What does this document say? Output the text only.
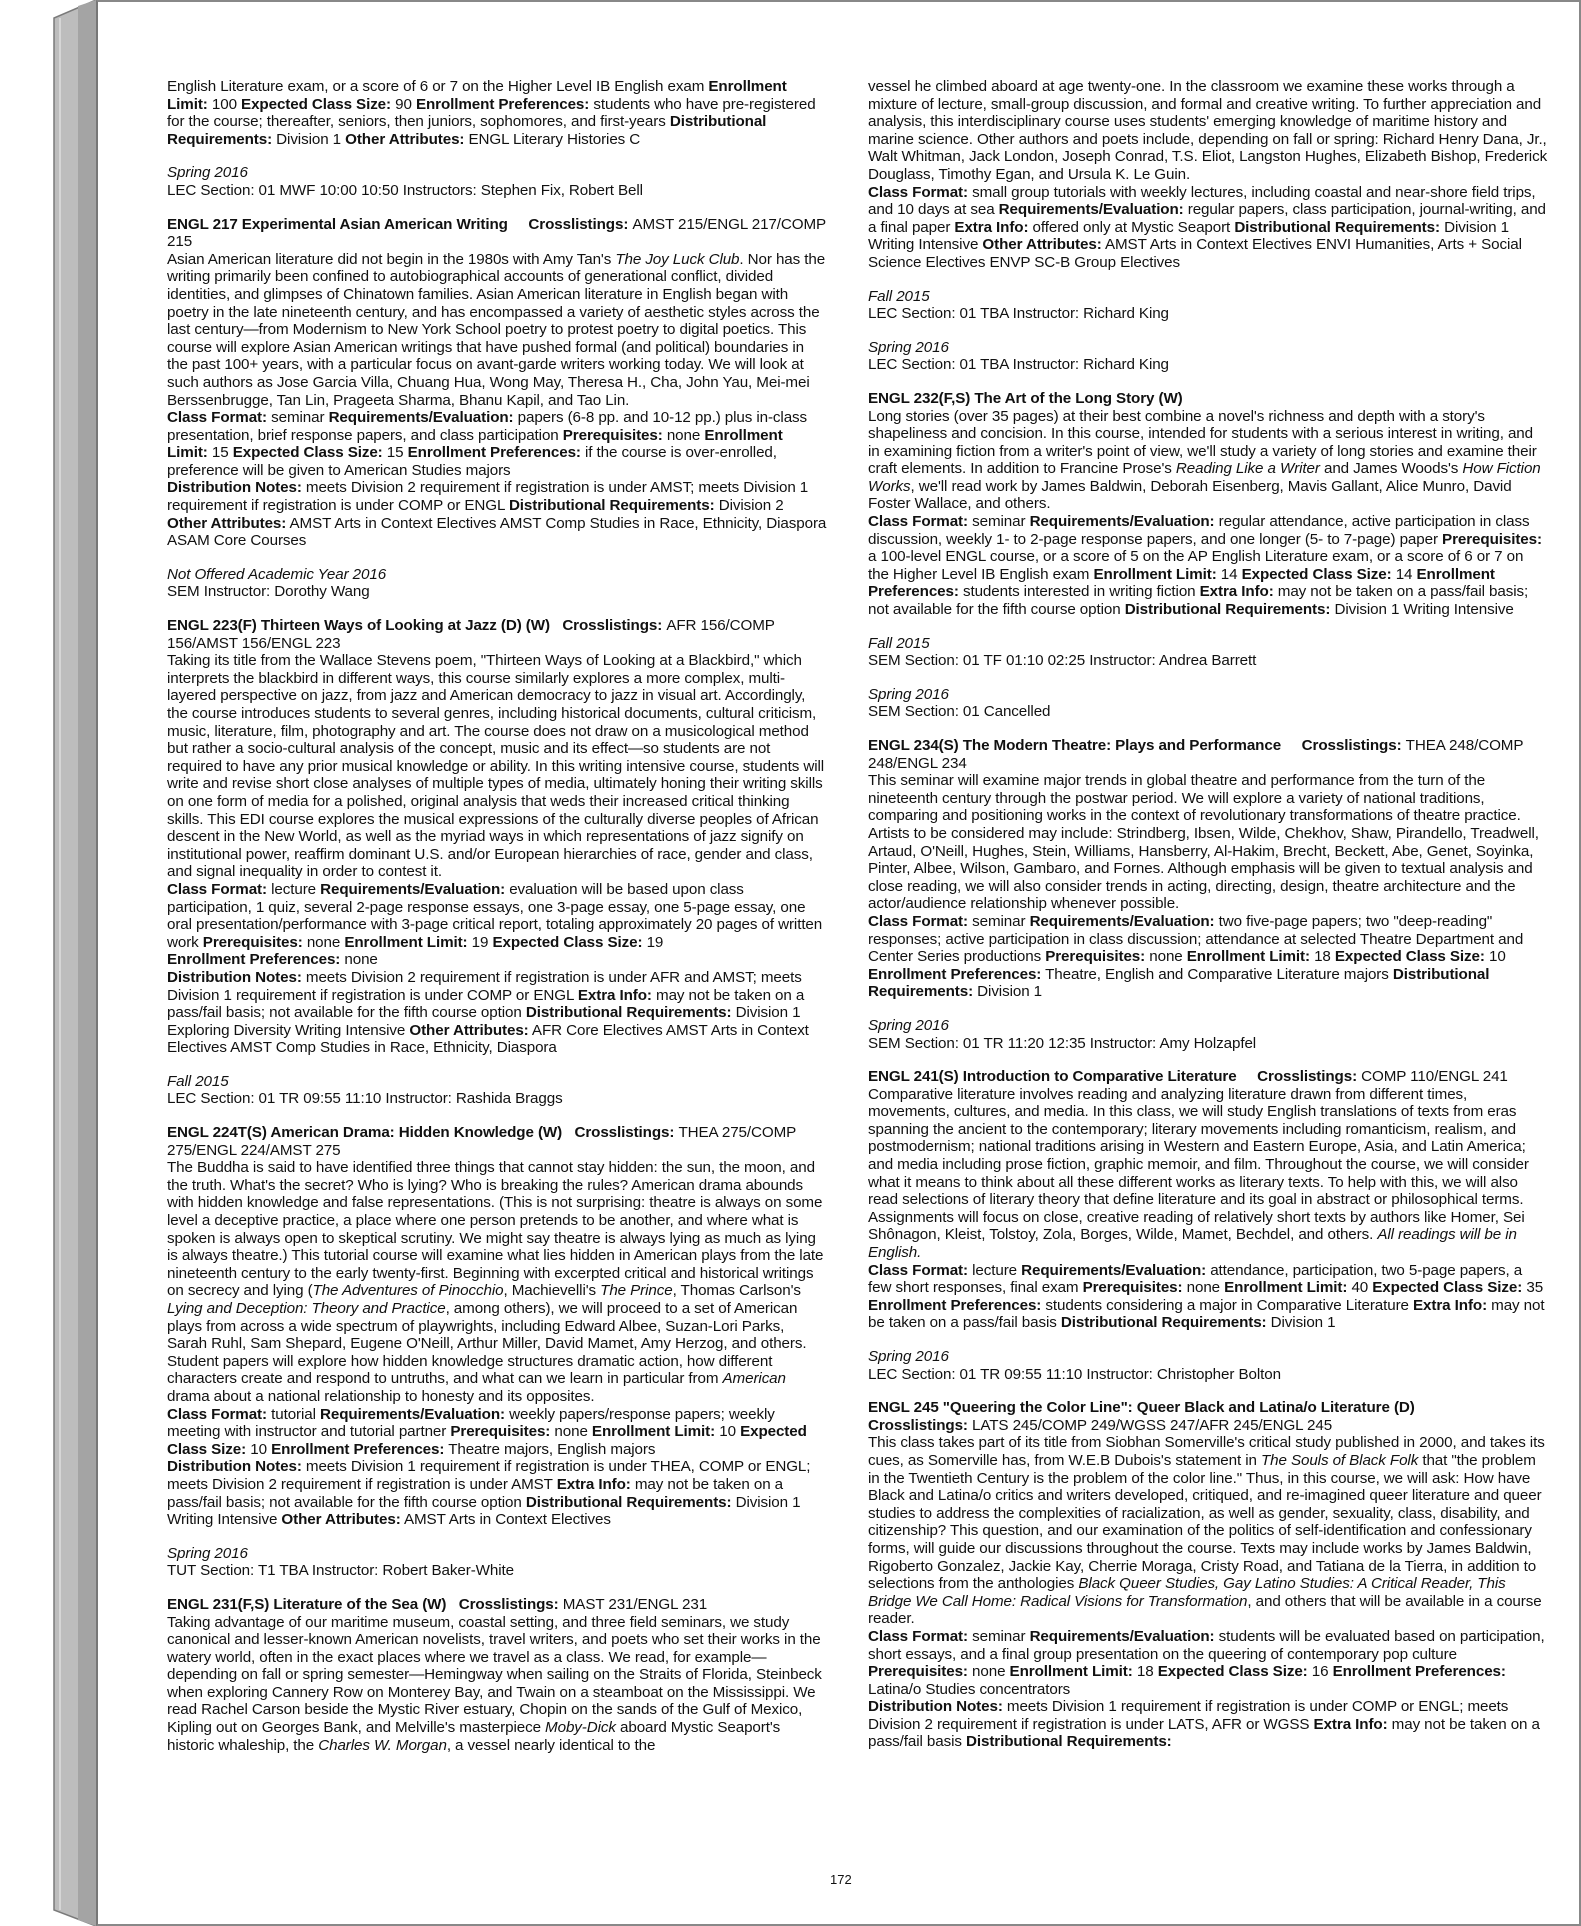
English Literature exam, or a score of 6 or 7 on the Higher Level IB English exam Enrollment Limit: 100 Expected Class Size: 90 Enrollment Preferences: students who have pre-registered for the course; thereafter, seniors, then juniors, sophomores, and first-years Distributional Requirements: Division 1 Other Attributes: ENGL Literary Histories C

Spring 2016

LEC Section: 01 MWF 10:00 10:50 Instructors: Stephen Fix, Robert Bell

ENGL 217 Experimental Asian American Writing Crosslistings: AMST 215/ENGL 217/COMP 215

Asian American literature did not begin in the 1980s with Amy Tan's The Joy Luck Club. Nor has the writing primarily been confined to autobiographical accounts of generational conflict, divided identities, and glimpses of Chinatown families. Asian American literature in English began with poetry in the late nineteenth century, and has encompassed a variety of aesthetic styles across the last century—from Modernism to New York School poetry to protest poetry to digital poetics. This course will explore Asian American writings that have pushed formal (and political) boundaries in the past 100+ years, with a particular focus on avant-garde writers working today. We will look at such authors as Jose Garcia Villa, Chuang Hua, Wong May, Theresa H., Cha, John Yau, Mei-mei Berssenbrugge, Tan Lin, Prageeta Sharma, Bhanu Kapil, and Tao Lin.

Class Format: seminar Requirements/Evaluation: papers (6-8 pp. and 10-12 pp.) plus in-class presentation, brief response papers, and class participation Prerequisites: none Enrollment Limit: 15 Expected Class Size: 15 Enrollment Preferences: if the course is over-enrolled, preference will be given to American Studies majors

Distribution Notes: meets Division 2 requirement if registration is under AMST; meets Division 1 requirement if registration is under COMP or ENGL Distributional Requirements: Division 2 Other Attributes: AMST Arts in Context Electives AMST Comp Studies in Race, Ethnicity, Diaspora ASAM Core Courses

Not Offered Academic Year 2016

SEM Instructor: Dorothy Wang

ENGL 223(F) Thirteen Ways of Looking at Jazz (D) (W) Crosslistings: AFR 156/COMP 156/AMST 156/ENGL 223

Taking its title from the Wallace Stevens poem, "Thirteen Ways of Looking at a Blackbird," which interprets the blackbird in different ways, this course similarly explores a more complex, multi-layered perspective on jazz, from jazz and American democracy to jazz in visual art. Accordingly, the course introduces students to several genres, including historical documents, cultural criticism, music, literature, film, photography and art. The course does not draw on a musicological method but rather a socio-cultural analysis of the concept, music and its effect—so students are not required to have any prior musical knowledge or ability. In this writing intensive course, students will write and revise short close analyses of multiple types of media, ultimately honing their writing skills on one form of media for a polished, original analysis that weds their increased critical thinking skills. This EDI course explores the musical expressions of the culturally diverse peoples of African descent in the New World, as well as the myriad ways in which representations of jazz signify on institutional power, reaffirm dominant U.S. and/or European hierarchies of race, gender and class, and signal inequality in order to contest it.

Class Format: lecture Requirements/Evaluation: evaluation will be based upon class participation, 1 quiz, several 2-page response essays, one 3-page essay, one 5-page essay, one oral presentation/performance with 3-page critical report, totaling approximately 20 pages of written work Prerequisites: none Enrollment Limit: 19 Expected Class Size: 19

Enrollment Preferences: none

Distribution Notes: meets Division 2 requirement if registration is under AFR and AMST; meets Division 1 requirement if registration is under COMP or ENGL Extra Info: may not be taken on a pass/fail basis; not available for the fifth course option Distributional Requirements: Division 1 Exploring Diversity Writing Intensive Other Attributes: AFR Core Electives AMST Arts in Context Electives AMST Comp Studies in Race, Ethnicity, Diaspora

Fall 2015

LEC Section: 01 TR 09:55 11:10 Instructor: Rashida Braggs

ENGL 224T(S) American Drama: Hidden Knowledge (W) Crosslistings: THEA 275/COMP 275/ENGL 224/AMST 275

The Buddha is said to have identified three things that cannot stay hidden: the sun, the moon, and the truth. What's the secret? Who is lying? Who is breaking the rules? American drama abounds with hidden knowledge and false representations. (This is not surprising: theatre is always on some level a deceptive practice, a place where one person pretends to be another, and where what is spoken is always open to skeptical scrutiny. We might say theatre is always lying as much as lying is always theatre.) This tutorial course will examine what lies hidden in American plays from the late nineteenth century to the early twenty-first. Beginning with excerpted critical and historical writings on secrecy and lying (The Adventures of Pinocchio, Machievelli's The Prince, Thomas Carlson's Lying and Deception: Theory and Practice, among others), we will proceed to a set of American plays from across a wide spectrum of playwrights, including Edward Albee, Suzan-Lori Parks, Sarah Ruhl, Sam Shepard, Eugene O'Neill, Arthur Miller, David Mamet, Amy Herzog, and others. Student papers will explore how hidden knowledge structures dramatic action, how different characters create and respond to untruths, and what can we learn in particular from American drama about a national relationship to honesty and its opposites.

Class Format: tutorial Requirements/Evaluation: weekly papers/response papers; weekly meeting with instructor and tutorial partner Prerequisites: none Enrollment Limit: 10 Expected Class Size: 10 Enrollment Preferences: Theatre majors, English majors

Distribution Notes: meets Division 1 requirement if registration is under THEA, COMP or ENGL; meets Division 2 requirement if registration is under AMST Extra Info: may not be taken on a pass/fail basis; not available for the fifth course option Distributional Requirements: Division 1 Writing Intensive Other Attributes: AMST Arts in Context Electives

Spring 2016

TUT Section: T1 TBA Instructor: Robert Baker-White

ENGL 231(F,S) Literature of the Sea (W) Crosslistings: MAST 231/ENGL 231

Taking advantage of our maritime museum, coastal setting, and three field seminars, we study canonical and lesser-known American novelists, travel writers, and poets who set their works in the watery world, often in the exact places where we travel as a class. We read, for example—depending on fall or spring semester—Hemingway when sailing on the Straits of Florida, Steinbeck when exploring Cannery Row on Monterey Bay, and Twain on a steamboat on the Mississippi. We read Rachel Carson beside the Mystic River estuary, Chopin on the sands of the Gulf of Mexico, Kipling out on Georges Bank, and Melville's masterpiece Moby-Dick aboard Mystic Seaport's historic whaleship, the Charles W. Morgan, a vessel nearly identical to the

vessel he climbed aboard at age twenty-one. In the classroom we examine these works through a mixture of lecture, small-group discussion, and formal and creative writing. To further appreciation and analysis, this interdisciplinary course uses students' emerging knowledge of maritime history and marine science. Other authors and poets include, depending on fall or spring: Richard Henry Dana, Jr., Walt Whitman, Jack London, Joseph Conrad, T.S. Eliot, Langston Hughes, Elizabeth Bishop, Frederick Douglass, Timothy Egan, and Ursula K. Le Guin.

Class Format: small group tutorials with weekly lectures, including coastal and near-shore field trips, and 10 days at sea Requirements/Evaluation: regular papers, class participation, journal-writing, and a final paper Extra Info: offered only at Mystic Seaport Distributional Requirements: Division 1 Writing Intensive Other Attributes: AMST Arts in Context Electives ENVI Humanities, Arts + Social Science Electives ENVP SC-B Group Electives

Fall 2015

LEC Section: 01 TBA Instructor: Richard King

Spring 2016

LEC Section: 01 TBA Instructor: Richard King

ENGL 232(F,S) The Art of the Long Story (W)

Long stories (over 35 pages) at their best combine a novel's richness and depth with a story's shapeliness and concision. In this course, intended for students with a serious interest in writing, and in examining fiction from a writer's point of view, we'll study a variety of long stories and examine their craft elements. In addition to Francine Prose's Reading Like a Writer and James Woods's How Fiction Works, we'll read work by James Baldwin, Deborah Eisenberg, Mavis Gallant, Alice Munro, David Foster Wallace, and others.

Class Format: seminar Requirements/Evaluation: regular attendance, active participation in class discussion, weekly 1- to 2-page response papers, and one longer (5- to 7-page) paper Prerequisites: a 100-level ENGL course, or a score of 5 on the AP English Literature exam, or a score of 6 or 7 on the Higher Level IB English exam Enrollment Limit: 14 Expected Class Size: 14 Enrollment Preferences: students interested in writing fiction Extra Info: may not be taken on a pass/fail basis; not available for the fifth course option Distributional Requirements: Division 1 Writing Intensive

Fall 2015

SEM Section: 01 TF 01:10 02:25 Instructor: Andrea Barrett

Spring 2016

SEM Section: 01 Cancelled

ENGL 234(S) The Modern Theatre: Plays and Performance Crosslistings: THEA 248/COMP 248/ENGL 234

This seminar will examine major trends in global theatre and performance from the turn of the nineteenth century through the postwar period. We will explore a variety of national traditions, comparing and positioning works in the context of revolutionary transformations of theatre practice. Artists to be considered may include: Strindberg, Ibsen, Wilde, Chekhov, Shaw, Pirandello, Treadwell, Artaud, O'Neill, Hughes, Stein, Williams, Hansberry, Al-Hakim, Brecht, Beckett, Abe, Genet, Soyinka, Pinter, Albee, Wilson, Gambaro, and Fornes. Although emphasis will be given to textual analysis and close reading, we will also consider trends in acting, directing, design, theatre architecture and the actor/audience relationship whenever possible.

Class Format: seminar Requirements/Evaluation: two five-page papers; two "deep-reading" responses; active participation in class discussion; attendance at selected Theatre Department and Center Series productions Prerequisites: none Enrollment Limit: 18 Expected Class Size: 10 Enrollment Preferences: Theatre, English and Comparative Literature majors Distributional Requirements: Division 1

Spring 2016

SEM Section: 01 TR 11:20 12:35 Instructor: Amy Holzapfel

ENGL 241(S) Introduction to Comparative Literature Crosslistings: COMP 110/ENGL 241

Comparative literature involves reading and analyzing literature drawn from different times, movements, cultures, and media. In this class, we will study English translations of texts from eras spanning the ancient to the contemporary; literary movements including romanticism, realism, and postmodernism; national traditions arising in Western and Eastern Europe, Asia, and Latin America; and media including prose fiction, graphic memoir, and film. Throughout the course, we will consider what it means to think about all these different works as literary texts. To help with this, we will also read selections of literary theory that define literature and its goal in abstract or philosophical terms. Assignments will focus on close, creative reading of relatively short texts by authors like Homer, Sei Shônagon, Kleist, Tolstoy, Zola, Borges, Wilde, Mamet, Bechdel, and others. All readings will be in English.

Class Format: lecture Requirements/Evaluation: attendance, participation, two 5-page papers, a few short responses, final exam Prerequisites: none Enrollment Limit: 40 Expected Class Size: 35 Enrollment Preferences: students considering a major in Comparative Literature Extra Info: may not be taken on a pass/fail basis Distributional Requirements: Division 1

Spring 2016

LEC Section: 01 TR 09:55 11:10 Instructor: Christopher Bolton

ENGL 245 "Queering the Color Line": Queer Black and Latina/o Literature (D)
Crosslistings: LATS 245/COMP 249/WGSS 247/AFR 245/ENGL 245

This class takes part of its title from Siobhan Somerville's critical study published in 2000, and takes its cues, as Somerville has, from W.E.B Dubois's statement in The Souls of Black Folk that "the problem in the Twentieth Century is the problem of the color line." Thus, in this course, we will ask: How have Black and Latina/o critics and writers developed, critiqued, and re-imagined queer literature and queer studies to address the complexities of racialization, as well as gender, sexuality, class, disability, and citizenship? This question, and our examination of the politics of self-identification and confessionary forms, will guide our discussions throughout the course. Texts may include works by James Baldwin, Rigoberto Gonzalez, Jackie Kay, Cherrie Moraga, Cristy Road, and Tatiana de la Tierra, in addition to selections from the anthologies Black Queer Studies, Gay Latino Studies: A Critical Reader, This Bridge We Call Home: Radical Visions for Transformation, and others that will be available in a course reader.

Class Format: seminar Requirements/Evaluation: students will be evaluated based on participation, short essays, and a final group presentation on the queering of contemporary pop culture Prerequisites: none Enrollment Limit: 18 Expected Class Size: 16 Enrollment Preferences: Latina/o Studies concentrators

Distribution Notes: meets Division 1 requirement if registration is under COMP or ENGL; meets Division 2 requirement if registration is under LATS, AFR or WGSS Extra Info: may not be taken on a pass/fail basis Distributional Requirements:

172
